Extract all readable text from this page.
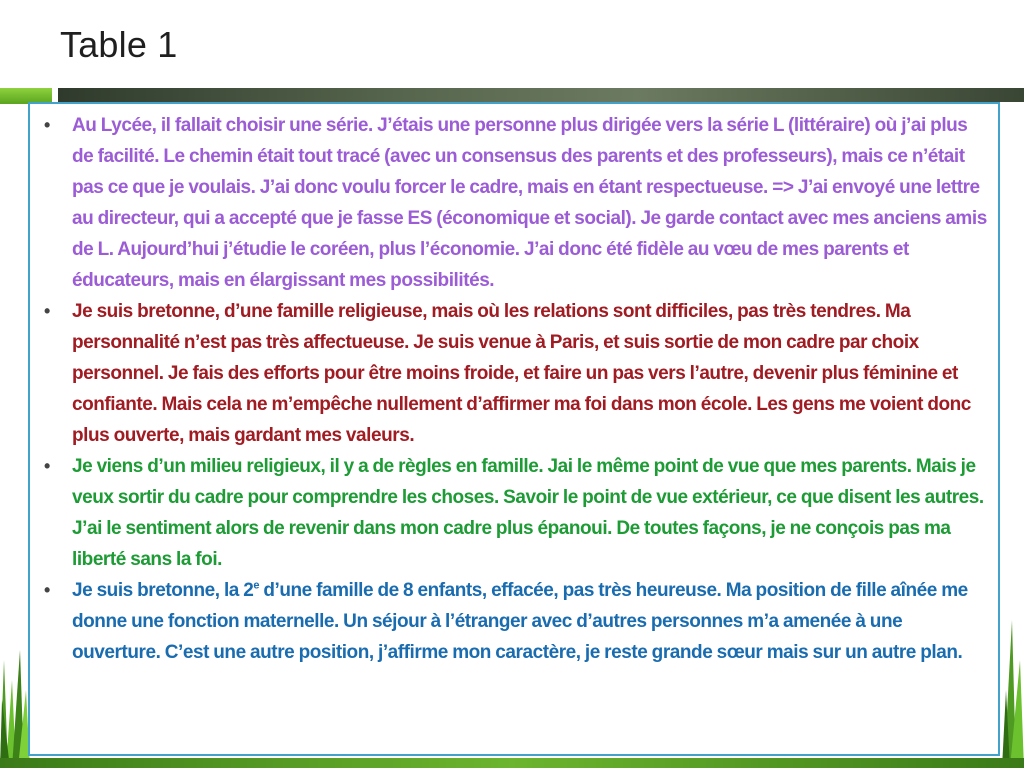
Table 1
• Au Lycée, il fallait choisir une série. J’étais une personne plus dirigée vers la série L (littéraire) où j’ai plus de facilité. Le chemin était tout tracé (avec un consensus des parents et des professeurs), mais ce n’était pas ce que je voulais. J’ai donc voulu forcer le cadre, mais en étant respectueuse. => J’ai envoyé une lettre au directeur, qui a accepté que je fasse ES (économique et social). Je garde contact avec mes anciens amis de L. Aujourd’hui j’étudie le coréen, plus l’économie. J’ai donc été fidèle au vœu de mes parents et éducateurs, mais en élargissant mes possibilités.
• Je suis bretonne, d’une famille religieuse, mais où les relations sont difficiles, pas très tendres. Ma personnalité n’est pas très affectueuse. Je suis venue à Paris, et suis sortie de mon cadre par choix personnel. Je fais des efforts pour être moins froide, et faire un pas vers l’autre, devenir plus féminine et confiante. Mais cela ne m’empêche nullement d’affirmer ma foi dans mon école. Les gens me voient donc plus ouverte, mais gardant mes valeurs.
• Je viens d’un milieu religieux, il y a de règles en famille. Jai le même point de vue que mes parents. Mais je veux sortir du cadre pour comprendre les choses. Savoir le point de vue extérieur, ce que disent les autres. J’ai le sentiment alors de revenir dans mon cadre plus épanoui. De toutes façons, je ne conçois pas ma liberté sans la foi.
• Je suis bretonne, la 2e d’une famille de 8 enfants, effacée, pas très heureuse. Ma position de fille aînée me donne une fonction maternelle. Un séjour à l’étranger avec d’autres personnes m’a amenée à une ouverture. C’est une autre position, j’affirme mon caractère, je reste grande sœur mais sur un autre plan.
